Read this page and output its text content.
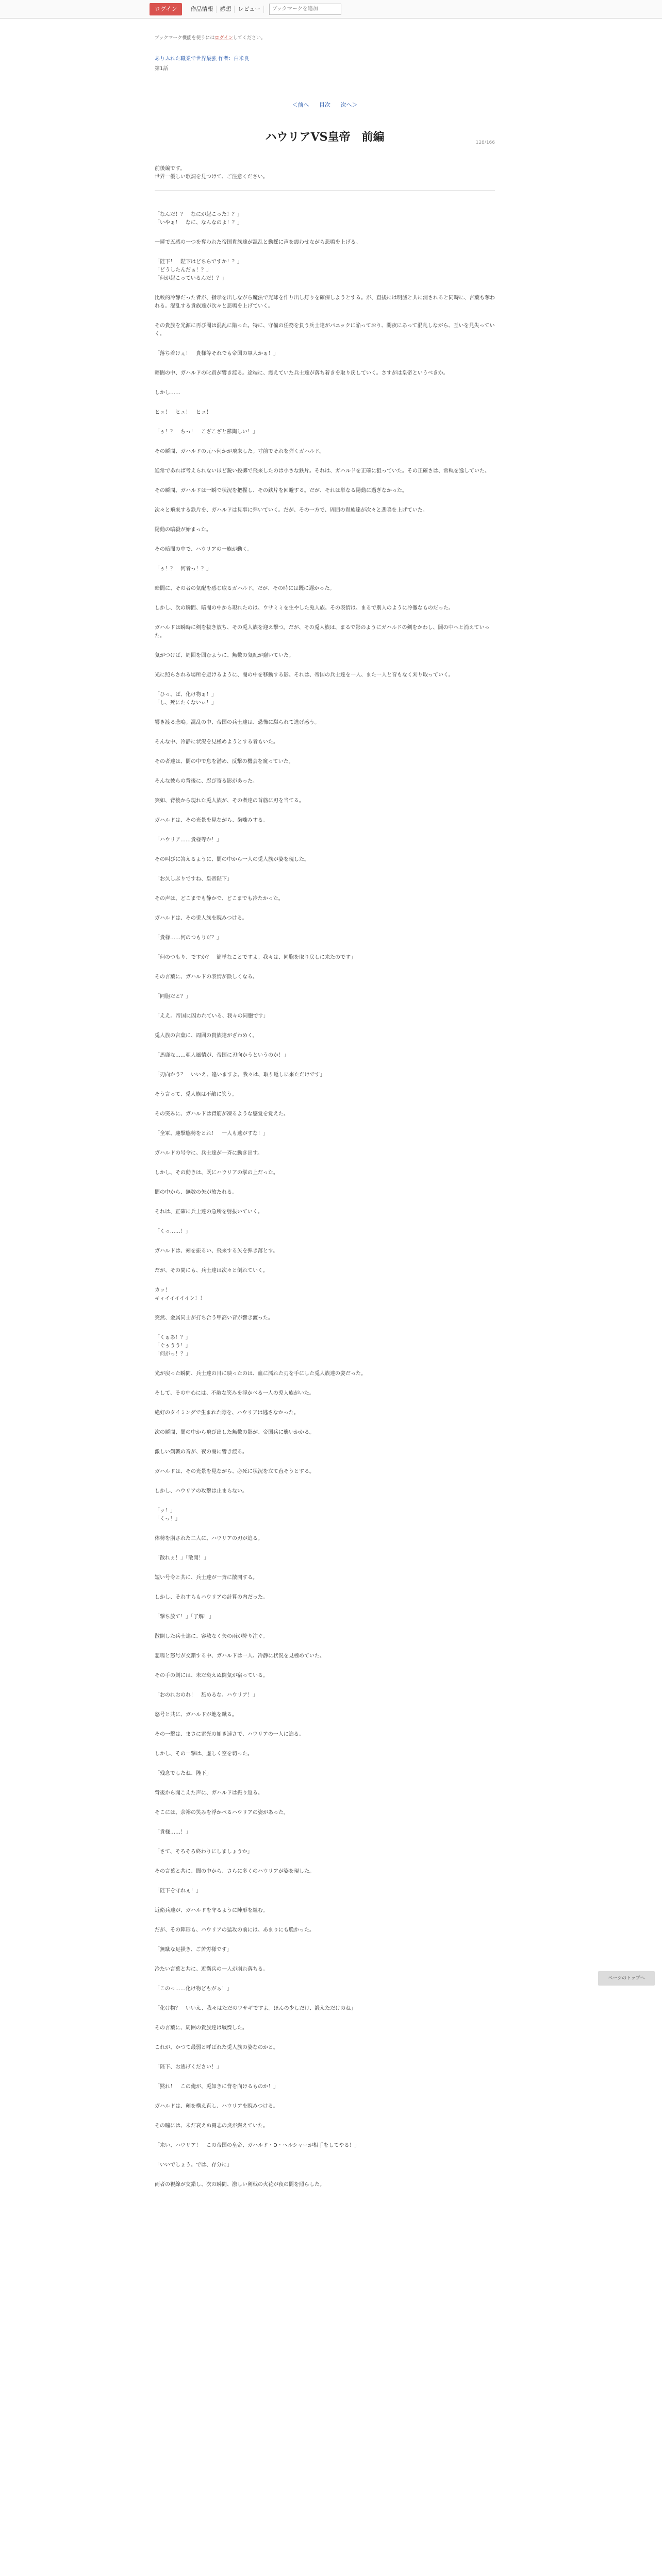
ログイン	作品情報	感想	レビュー
ブックマークを追加
ブックマーク機能を使うにはログインしてください。
ありふれた職業で世界最強 作者：白米良
第1話
＜前へ 目次 次へ＞
128/166
ハウリアVS皇帝　前編
前後編です。
世界一優しい歌詞を見つけて、ご注意ください。

「なんだ！？　なにが起こった！？」
「いやぁ！　なに、なんなのよ！？」

一瞬で五感の一つを奪われた帝国貴族達が混乱と動揺に声を震わせながら悲鳴を上げる。

「陛下！　陛下はどちらですか！？」
「どうしたんだぁ！？」
「何が起こっているんだ！？」

比較的冷静だった者が、指示を出しながら魔法で光球を作り出し灯りを確保しようとする。が、直後には明滅と共に消されると同時に、言葉も奪われる。混乱する貴族達が次々と悲鳴を上げていく。

その貴族を光源に再び闇は混乱に陥った。特に、守備の任務を負う兵士達がパニックに陥っており、闇夜にあって混乱しながら、互いを見失っていく。

「落ち着けぇ！　貴様等それでも帝国の軍人かぁ！」

暗闇の中、ガハルドの叱責が響き渡る。途端に、震えていた兵士達が落ち着きを取り戻していく。さすがは皇帝というべきか。

しかし……

ヒュ！　ヒュ！　ヒュ！

「ぅ！？　ちっ！　こざこざと鬱陶しい！」

その瞬間、ガハルドの元へ何かが飛来した。寸前でそれを弾くガハルド。

通常であれば考えられないほど鋭い投擲で飛来したのは小さな鉄片。それは、ガハルドを正確に狙っていた。その正確さは、常軌を逸していた。

その瞬間、ガハルドは一瞬で状況を把握し、その鉄片を回避する。だが、それは単なる陽動に過ぎなかった。

次々と飛来する鉄片を、ガハルドは見事に弾いていく。だが、その一方で、周囲の貴族達が次々と悲鳴を上げていた。

陽動の暗殺が始まった。

その暗闇の中で、ハウリアの一族が動く。

「ぅ！？　何者っ！？」

暗闇に、その者の気配を感じ取るガハルド。だが、その時には既に遅かった。

しかし、次の瞬間、暗闇の中から現れたのは、ウサミミを生やした兎人族。その表情は、まるで別人のように冷徹なものだった。

ガハルドは瞬時に剣を抜き放ち、その兎人族を迎え撃つ。だが、その兎人族は、まるで影のようにガハルドの剣をかわし、闇の中へと消えていった。

気がつけば、周囲を囲むように、無数の気配が蠢いていた。

光に照らされる場所を避けるように、闇の中を移動する影。それは、帝国の兵士達を一人、また一人と音もなく刈り取っていく。

「ひっ、ば、化け物ぁ！」
「し、死にたくないぃ！」

響き渡る悲鳴。混乱の中、帝国の兵士達は、恐怖に駆られて逃げ惑う。

そんな中、冷静に状況を見極めようとする者もいた。

その者達は、闇の中で息を潜め、反撃の機会を窺っていた。

そんな彼らの背後に、忍び寄る影があった。

突如、背後から現れた兎人族が、その者達の首筋に刃を当てる。

ガハルドは、その光景を見ながら、歯噛みする。

「ハウリア……貴様等か！」

その叫びに答えるように、闇の中から一人の兎人族が姿を現した。

「お久しぶりですね、皇帝陛下」

その声は、どこまでも静かで、どこまでも冷たかった。

ガハルドは、その兎人族を睨みつける。

「貴様……何のつもりだ？」

「何のつもり、ですか？　簡単なことですよ。我々は、同胞を取り戻しに来たのです」

その言葉に、ガハルドの表情が険しくなる。

「同胞だと？」

「ええ。帝国に囚われている、我々の同胞です」

兎人族の言葉に、周囲の貴族達がざわめく。

「馬鹿な……亜人風情が、帝国に刃向かうというのか！」

「刃向かう？　いいえ、違いますよ。我々は、取り返しに来ただけです」

そう言って、兎人族は不敵に笑う。

その笑みに、ガハルドは背筋が凍るような感覚を覚えた。

「全軍、迎撃態勢をとれ！　一人も逃がすな！」

ガハルドの号令に、兵士達が一斉に動き出す。

しかし、その動きは、既にハウリアの掌の上だった。

闇の中から、無数の矢が放たれる。

それは、正確に兵士達の急所を射抜いていく。

「くっ……！」

ガハルドは、剣を振るい、飛来する矢を弾き落とす。

だが、その間にも、兵士達は次々と倒れていく。

カッ！
キィイイイイイン！！

突然、金属同士が打ち合う甲高い音が響き渡った。

「くぁあ！？」
「ぐぅうう！」
「何がっ！？」

光が戻った瞬間、兵士達の目に映ったのは、血に濡れた刃を手にした兎人族達の姿だった。

そして、その中心には、不敵な笑みを浮かべる一人の兎人族がいた。

絶好のタイミングで生まれた隙を、ハウリアは逃さなかった。

次の瞬間、闇の中から飛び出した無数の影が、帝国兵に襲いかかる。

激しい剣戟の音が、夜の闇に響き渡る。

ガハルドは、その光景を見ながら、必死に状況を立て直そうとする。

しかし、ハウリアの攻撃は止まらない。

「ッ！」
「くっ！」

体勢を崩された二人に、ハウリアの刃が迫る。

「散れぇ！」「散開！」

短い号令と共に、兵士達が一斉に散開する。

しかし、それすらもハウリアの計算の内だった。

「撃ち放て！」「了解！」

散開した兵士達に、容赦なく矢の雨が降り注ぐ。

悲鳴と怒号が交錯する中、ガハルドは一人、冷静に状況を見極めていた。

その手の剣には、未だ衰えぬ闘気が宿っている。

「おのれおのれ！　舐めるな、ハウリア！」

怒号と共に、ガハルドが地を蹴る。

その一撃は、まさに雷光の如き速さで、ハウリアの一人に迫る。

しかし、その一撃は、虚しく空を切った。

「残念でしたね、陛下」

背後から聞こえた声に、ガハルドは振り返る。

そこには、余裕の笑みを浮かべるハウリアの姿があった。

「貴様……！」

「さて、そろそろ終わりにしましょうか」

その言葉と共に、闇の中から、さらに多くのハウリアが姿を現した。

「陛下を守れぇ！」

近衛兵達が、ガハルドを守るように陣形を組む。

だが、その陣形も、ハウリアの猛攻の前には、あまりにも脆かった。

「無駄な足掻き、ご苦労様です」

冷たい言葉と共に、近衛兵の一人が崩れ落ちる。

「このっ……化け物どもがぁ！」

「化け物？　いいえ、我々はただのウサギですよ。ほんの少しだけ、鍛えただけのね」

その言葉に、周囲の貴族達は戦慄した。

これが、かつて最弱と呼ばれた兎人族の姿なのかと。

「陛下、お逃げください！」

「黙れ！　この俺が、兎如きに背を向けるものか！」

ガハルドは、剣を構え直し、ハウリアを睨みつける。

その瞳には、未だ衰えぬ闘志の炎が燃えていた。

「来い、ハウリア！　この帝国の皇帝、ガハルド・D・ヘルシャーが相手をしてやる！」

「いいでしょう。では、存分に」

両者の視線が交錯し、次の瞬間、激しい剣戟の火花が夜の闇を照らした。

ページのトップへ
